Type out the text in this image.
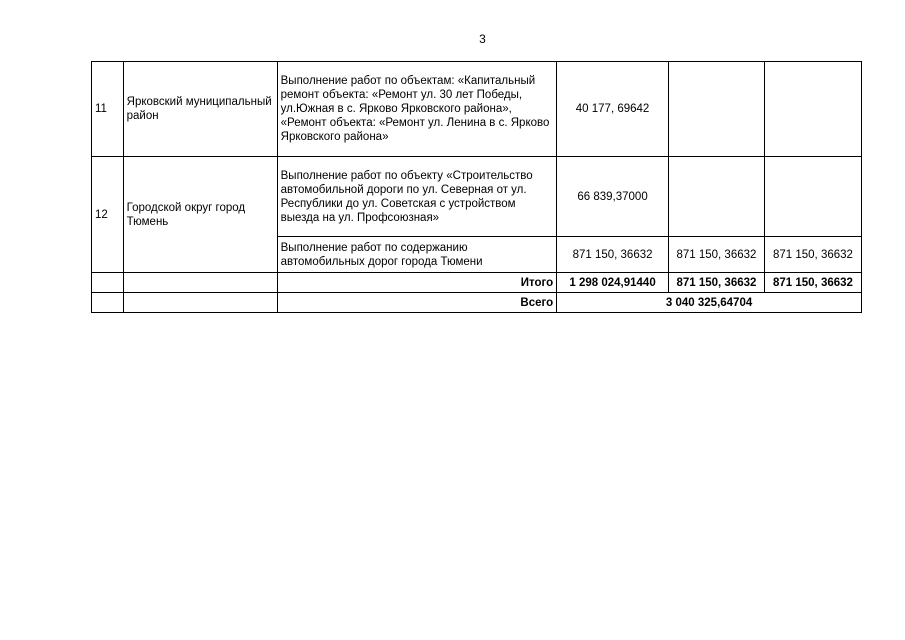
3
11	Ярковский муниципальный район	Выполнение работ по объектам: «Капитальный ремонт объекта: «Ремонт ул. 30 лет Победы, ул.Южная в с. Ярково Ярковского района», «Ремонт объекта: «Ремонт ул. Ленина в с. Ярково Ярковского района»	40 177, 69642		
12	Городской округ город Тюмень	Выполнение работ по объекту «Строительство автомобильной дороги по ул. Северная от ул. Республики до ул. Советская с устройством выезда на ул. Профсоюзная»	66 839,37000		
		Выполнение работ по содержанию автомобильных дорог города Тюмени	871 150, 36632	871 150, 36632	871 150, 36632
		Итого	1 298 024,91440	871 150, 36632	871 150, 36632
		Всего	3 040 325,64704		
